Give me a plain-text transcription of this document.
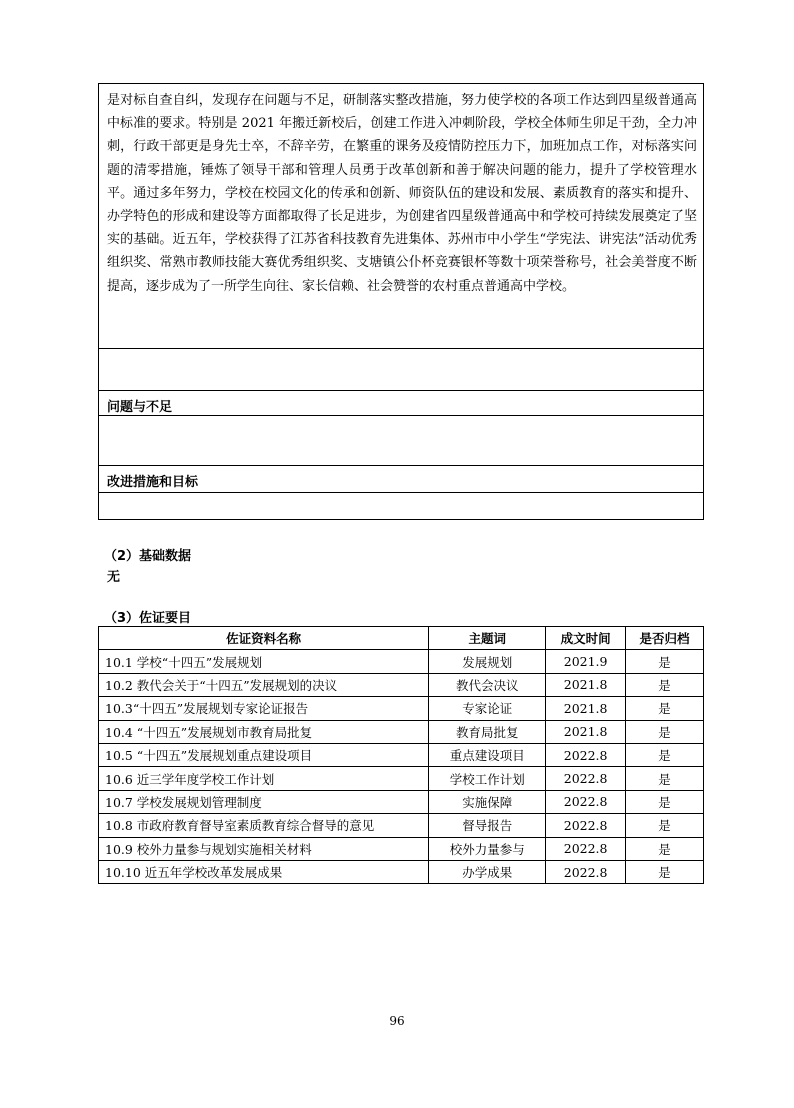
是对标自查自纠，发现存在问题与不足，研制落实整改措施，努力使学校的各项工作达到四星级普通高中标准的要求。特别是 2021 年搬迁新校后，创建工作进入冲刺阶段，学校全体师生卯足干劲，全力冲刺，行政干部更是身先士卒，不辞辛劳，在繁重的课务及疫情防控压力下，加班加点工作，对标落实问题的清零措施，锤炼了领导干部和管理人员勇于改革创新和善于解决问题的能力，提升了学校管理水平。通过多年努力，学校在校园文化的传承和创新、师资队伍的建设和发展、素质教育的落实和提升、办学特色的形成和建设等方面都取得了长足进步，为创建省四星级普通高中和学校可持续发展奠定了坚实的基础。近五年，学校获得了江苏省科技教育先进集体、苏州市中小学生“学宪法、讲宪法”活动优秀组织奖、常熟市教师技能大赛优秀组织奖、支塘镇公仆杯竞赛银杯等数十项荣誉称号，社会美誉度不断提高，逐步成为了一所学生向往、家长信赖、社会赞誉的农村重点普通高中学校。
问题与不足
改进措施和目标
（2）基础数据
无
（3）佐证要目
佐证资料名称	主题词	成文时间	是否归档
10.1 学校“十四五”发展规划	发展规划	2021.9	是
10.2 教代会关于“十四五”发展规划的决议	教代会决议	2021.8	是
10.3“十四五”发展规划专家论证报告	专家论证	2021.8	是
10.4 “十四五”发展规划市教育局批复	教育局批复	2021.8	是
10.5 “十四五”发展规划重点建设项目	重点建设项目	2022.8	是
10.6 近三学年度学校工作计划	学校工作计划	2022.8	是
10.7 学校发展规划管理制度	实施保障	2022.8	是
10.8 市政府教育督导室素质教育综合督导的意见	督导报告	2022.8	是
10.9 校外力量参与规划实施相关材料	校外力量参与	2022.8	是
10.10 近五年学校改革发展成果	办学成果	2022.8	是
96
